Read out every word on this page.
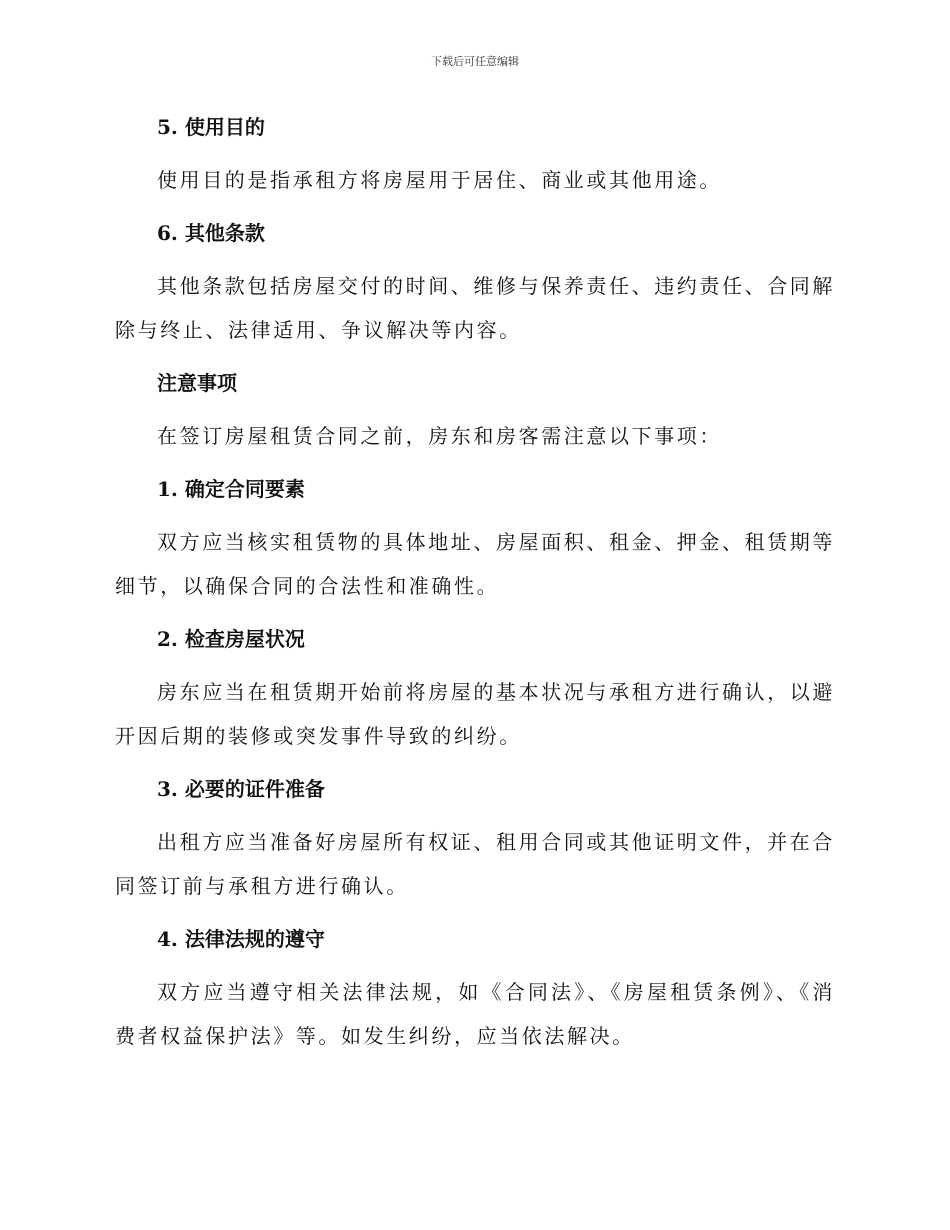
下载后可任意编辑
5. 使用目的

使用目的是指承租方将房屋用于居住、商业或其他用途。

6. 其他条款

其他条款包括房屋交付的时间、维修与保养责任、违约责任、合同解除与终止、法律适用、争议解决等内容。

注意事项

在签订房屋租赁合同之前，房东和房客需注意以下事项：

1. 确定合同要素

双方应当核实租赁物的具体地址、房屋面积、租金、押金、租赁期等细节，以确保合同的合法性和准确性。

2. 检查房屋状况

房东应当在租赁期开始前将房屋的基本状况与承租方进行确认，以避开因后期的装修或突发事件导致的纠纷。

3. 必要的证件准备

出租方应当准备好房屋所有权证、租用合同或其他证明文件，并在合同签订前与承租方进行确认。

4. 法律法规的遵守

双方应当遵守相关法律法规，如《合同法》、《房屋租赁条例》、《消费者权益保护法》等。如发生纠纷，应当依法解决。
